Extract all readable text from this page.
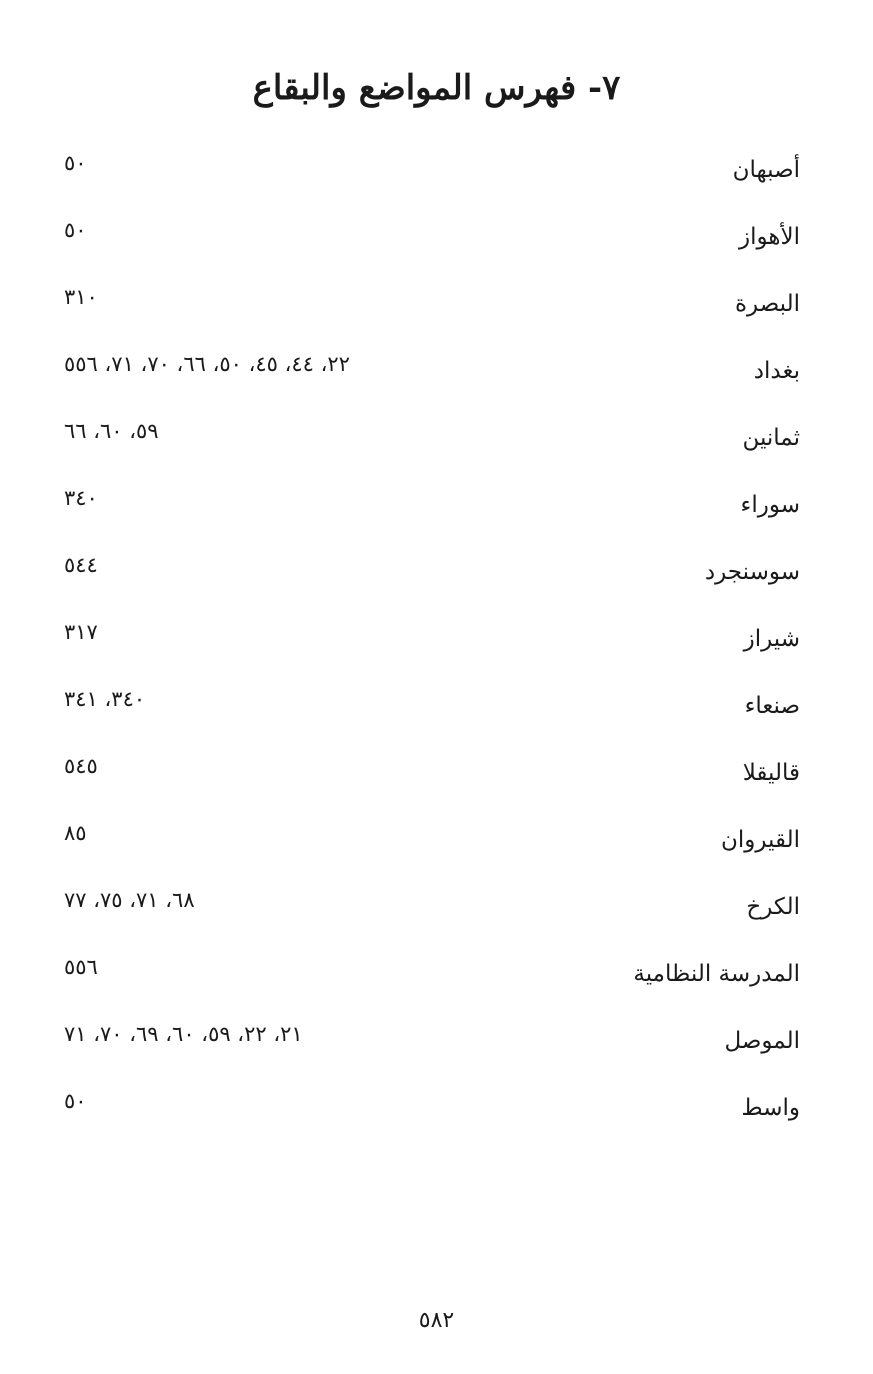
٧- فهرس المواضع والبقاع
أصبهان
٥٠
الأهواز
٥٠
البصرة
٣١٠
بغداد
٢٢، ٤٤، ٤٥، ٥٠، ٦٦، ٧٠، ٧١، ٥٥٦
ثمانين
٥٩، ٦٠، ٦٦
سوراء
٣٤٠
سوسنجرد
٥٤٤
شيراز
٣١٧
صنعاء
٣٤٠، ٣٤١
قاليقلا
٥٤٥
القيروان
٨٥
الكرخ
٦٨، ٧١، ٧٥، ٧٧
المدرسة النظامية
٥٥٦
الموصل
٢١، ٢٢، ٥٩، ٦٠، ٦٩، ٧٠، ٧١
واسط
٥٠

٥٨٢
